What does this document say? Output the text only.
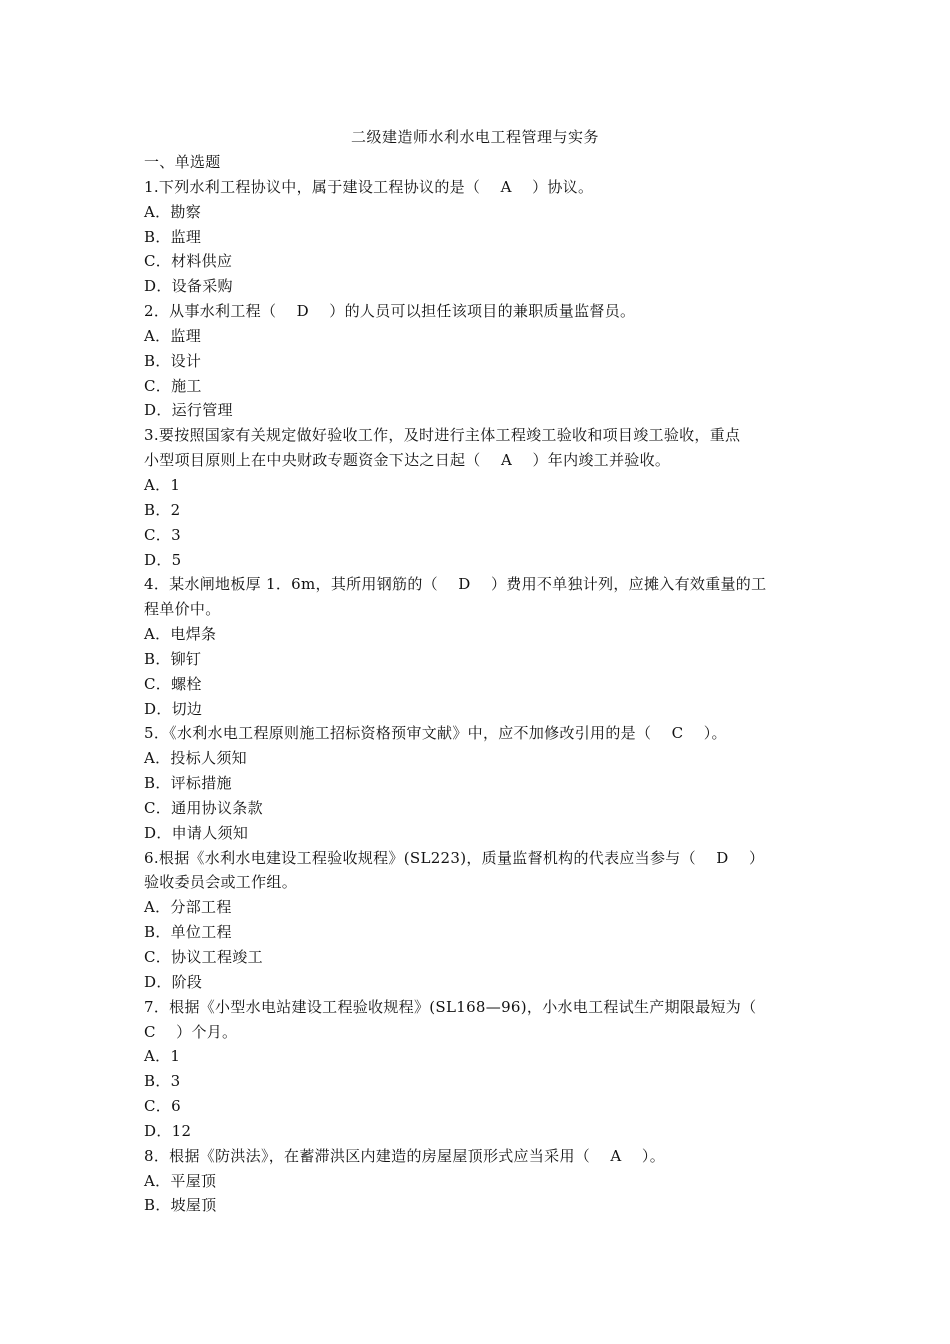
二级建造师水利水电工程管理与实务
一、单选题
1.下列水利工程协议中，属于建设工程协议的是（　 A　 ）协议。
A．勘察
B．监理
C．材料供应
D．设备采购
2．从事水利工程（　 D　 ）的人员可以担任该项目的兼职质量监督员。
A．监理
B．设计
C．施工
D．运行管理
3.要按照国家有关规定做好验收工作，及时进行主体工程竣工验收和项目竣工验收，重点
小型项目原则上在中央财政专题资金下达之日起（　 A　 ）年内竣工并验收。
A．1
B．2
C．3
D．5
4．某水闸地板厚 1．6m，其所用钢筋的（　 D　 ）费用不单独计列，应摊入有效重量的工
程单价中。
A．电焊条
B．铆钉
C．螺栓
D．切边
5．《水利水电工程原则施工招标资格预审文献》中，应不加修改引用的是（　 C　 ）。
A．投标人须知
B．评标措施
C．通用协议条款
D．申请人须知
6.根据《水利水电建设工程验收规程》(SL223)，质量监督机构的代表应当参与（　 D　 ）
验收委员会或工作组。
A．分部工程
B．单位工程
C．协议工程竣工
D．阶段
7．根据《小型水电站建设工程验收规程》(SL168—96)，小水电工程试生产期限最短为（
C　 ）个月。
A．1
B．3
C．6
D．12
8．根据《防洪法》，在蓄滞洪区内建造的房屋屋顶形式应当采用（　 A　 ）。
A．平屋顶
B．坡屋顶
